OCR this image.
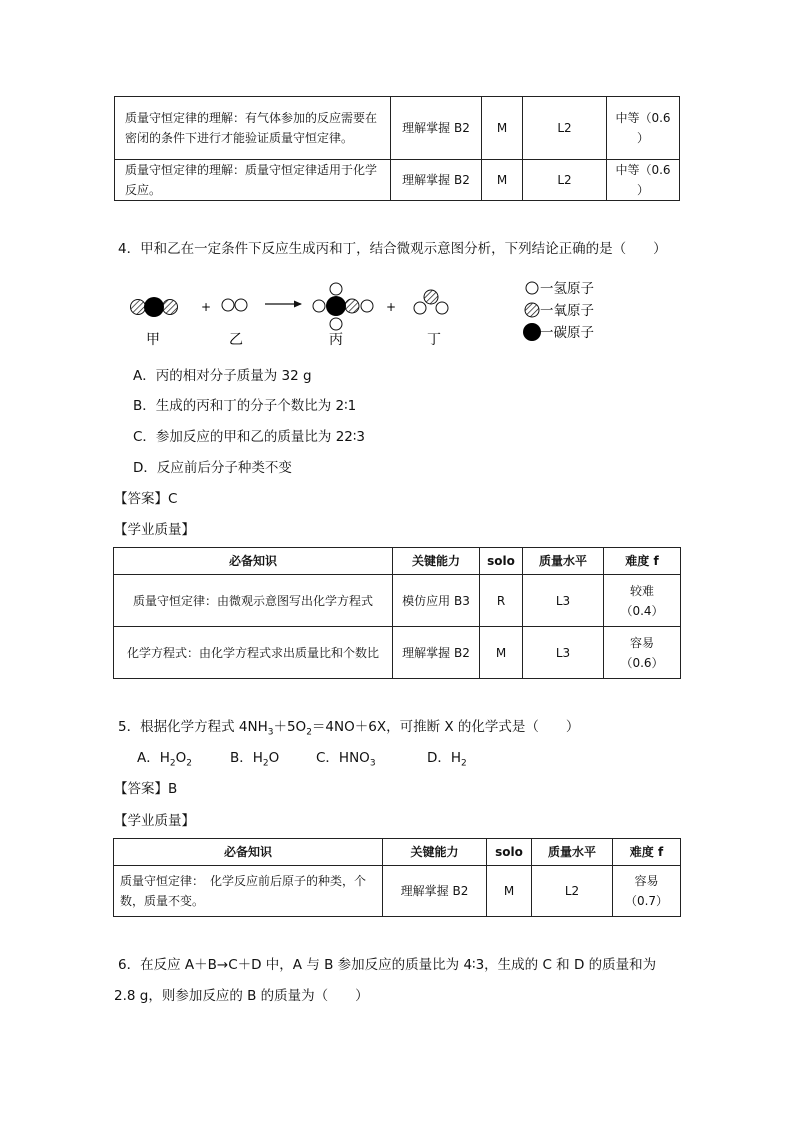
质量守恒定律的理解：有气体参加的反应需要在密闭的条件下进行才能验证质量守恒定律。	理解掌握 B2	M	L2	中等（0.6 ）
质量守恒定律的理解：质量守恒定律适用于化学反应。	理解掌握 B2	M	L2	中等（0.6 ）
4．甲和乙在一定条件下反应生成丙和丁，结合微观示意图分析，下列结论正确的是（　　）
+	+
甲	乙	丙	丁
一氢原子
一氧原子
一碳原子
A．丙的相对分子质量为 32 g
B．生成的丙和丁的分子个数比为 2∶1
C．参加反应的甲和乙的质量比为 22∶3
D．反应前后分子种类不变
【答案】C
【学业质量】
必备知识	关键能力	solo	质量水平	难度 f
质量守恒定律：由微观示意图写出化学方程式	模仿应用 B3	R	L3	较难
（0.4）

化学方程式：由化学方程式求出质量比和个数比	理解掌握 B2	M	L3	容易
（0.6）
5．根据化学方程式 $4NH_3+5O_2=4NO+6X$，可推断 X 的化学式是（　　）
A．$H_2O_2$	B．$H_2O$	C．$HNO_3$	D．$H_2$
【答案】B
【学业质量】
必备知识	关键能力	solo	质量水平	难度 f
质量守恒定律：　化学反应前后原子的种类，个数，质量不变。	理解掌握 B2	M	L2	容易
（0.7）
6．在反应 A＋B→C＋D 中，A 与 B 参加反应的质量比为 4∶3，生成的 C 和 D 的质量和为
2.8 g，则参加反应的 B 的质量为（　　）
